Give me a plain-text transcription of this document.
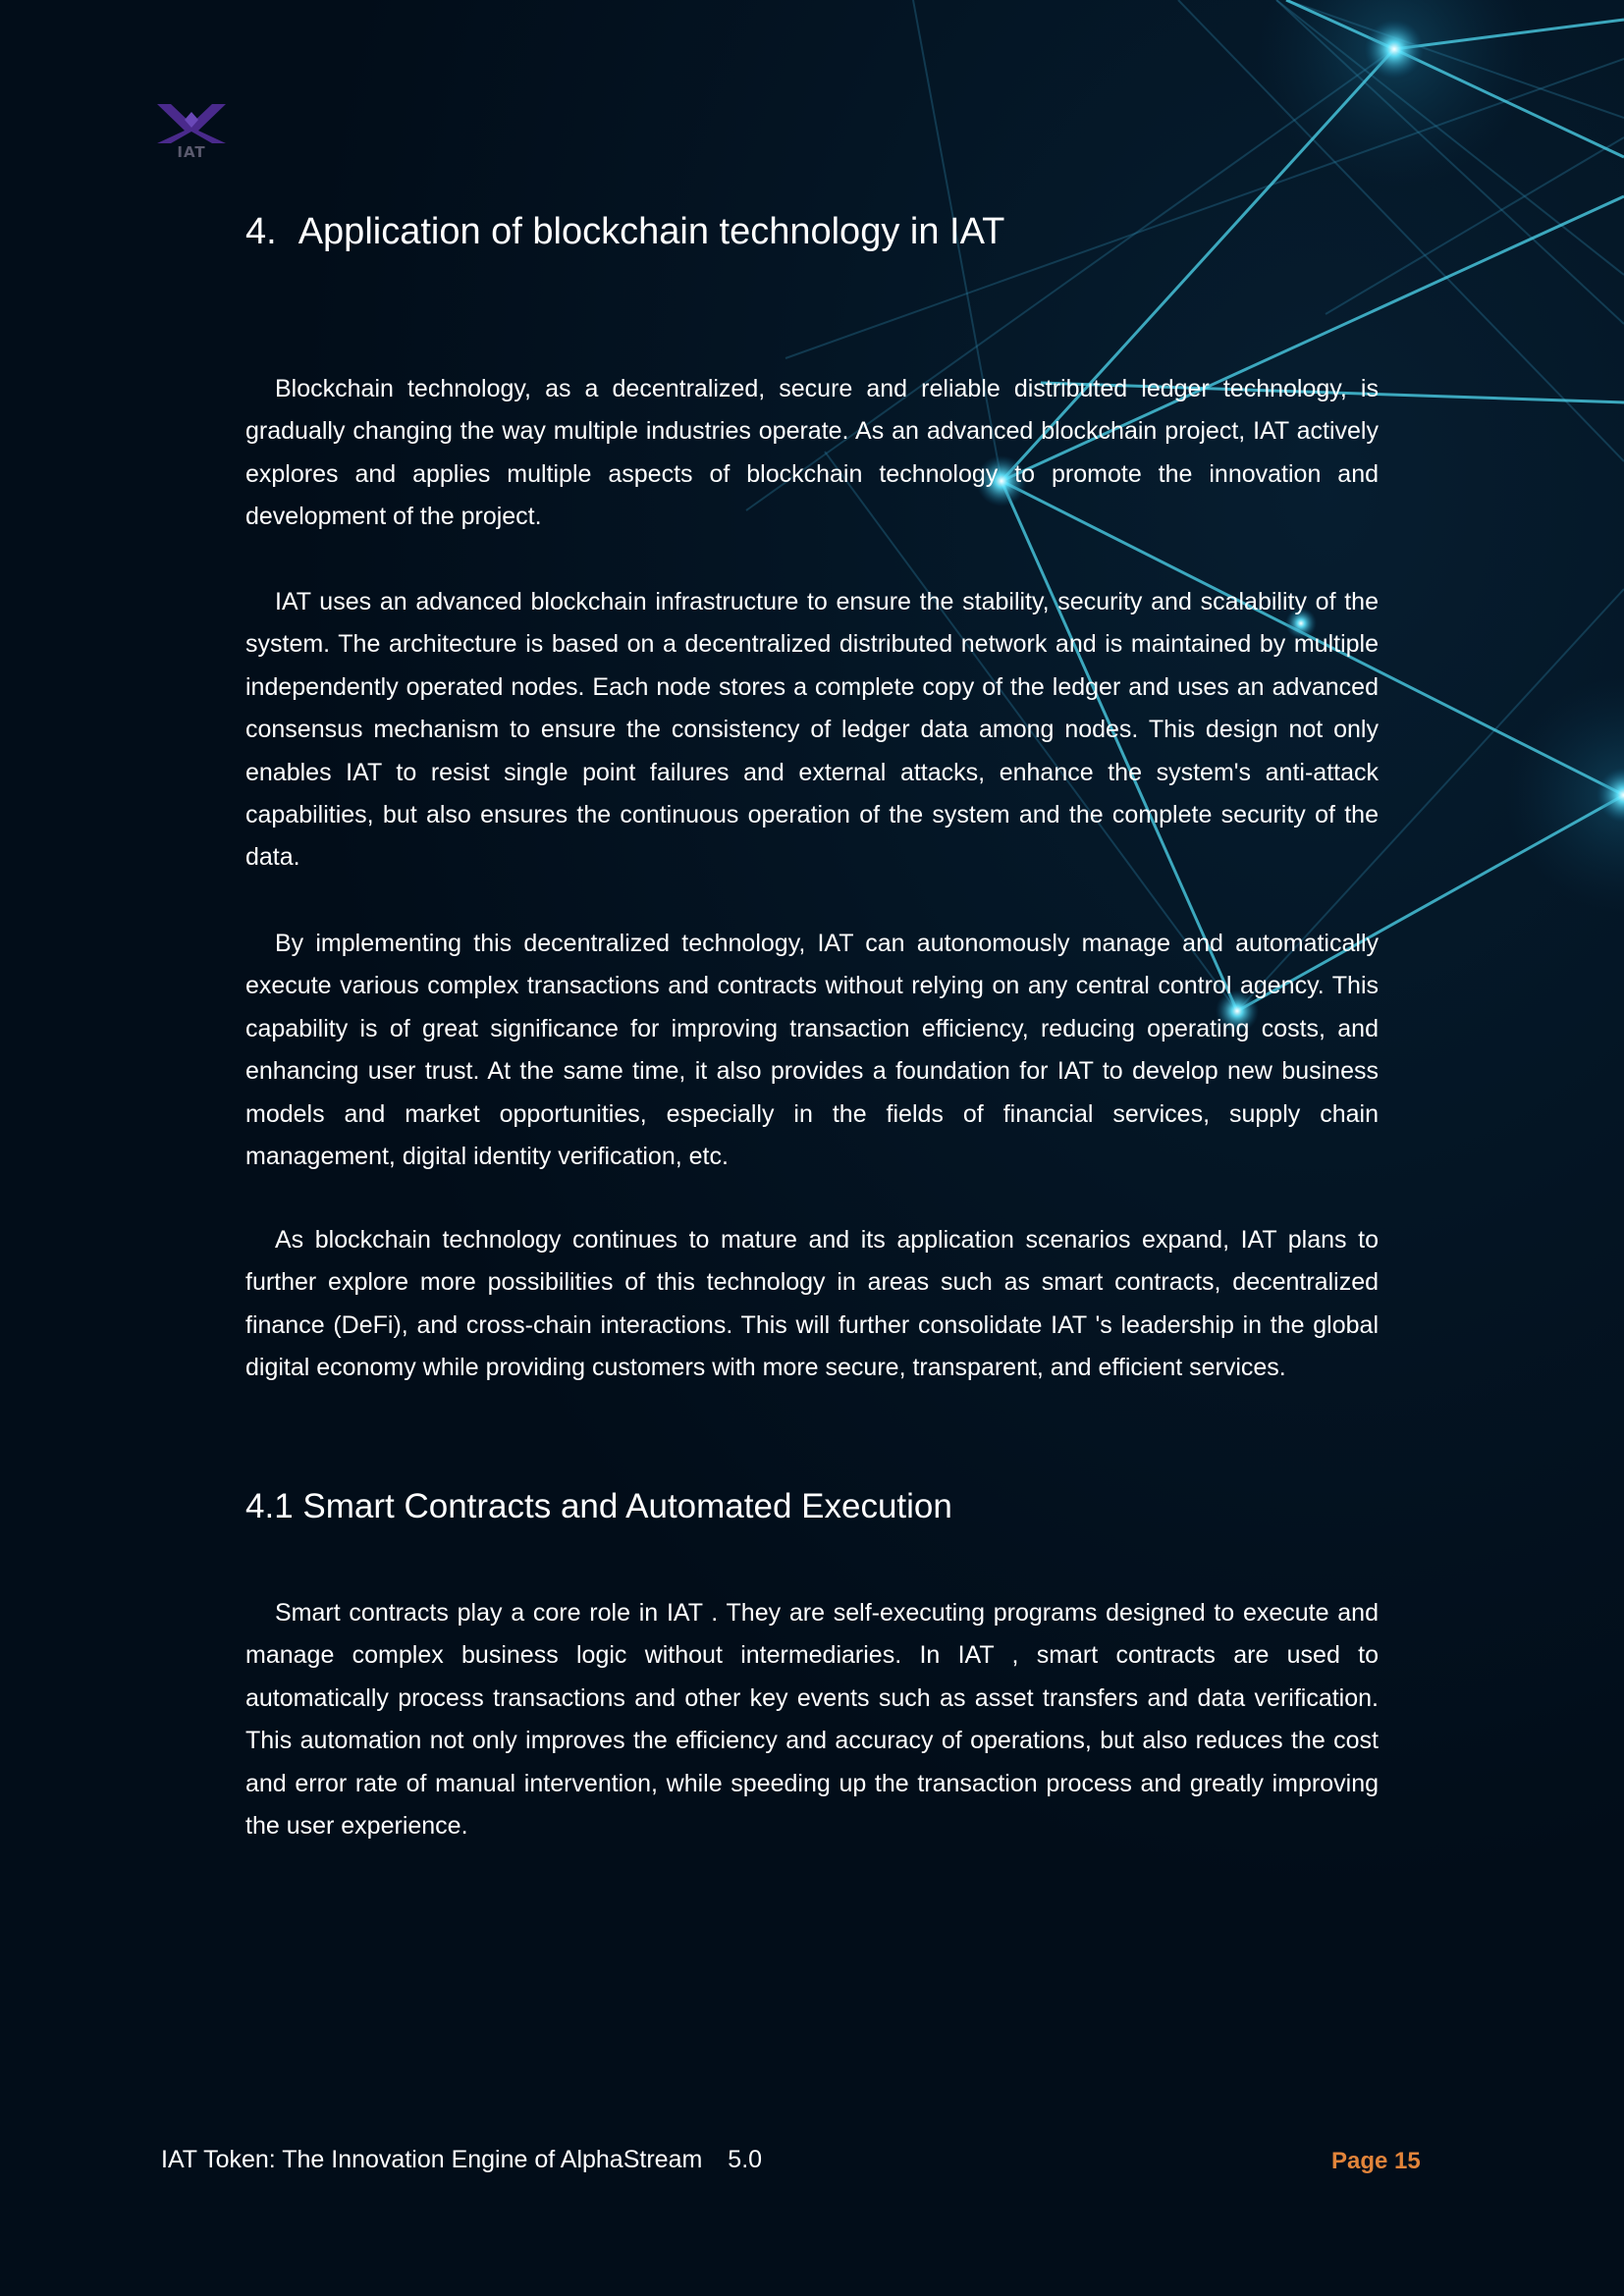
IAT
4. Application of blockchain technology in IAT

Blockchain technology, as a decentralized, secure and reliable distributed ledger technology, is gradually changing the way multiple industries operate. As an advanced blockchain project, IAT actively explores and applies multiple aspects of blockchain technology to promote the innovation and development of the project.

IAT uses an advanced blockchain infrastructure to ensure the stability, security and scalability of the system. The architecture is based on a decentralized distributed network and is maintained by multiple independently operated nodes. Each node stores a complete copy of the ledger and uses an advanced consensus mechanism to ensure the consistency of ledger data among nodes. This design not only enables IAT to resist single point failures and external attacks, enhance the system's anti-attack capabilities, but also ensures the continuous operation of the system and the complete security of the data.

By implementing this decentralized technology, IAT can autonomously manage and automatically execute various complex transactions and contracts without relying on any central control agency. This capability is of great significance for improving transaction efficiency, reducing operating costs, and enhancing user trust. At the same time, it also provides a foundation for IAT to develop new business models and market opportunities, especially in the fields of financial services, supply chain management, digital identity verification, etc.

As blockchain technology continues to mature and its application scenarios expand, IAT plans to further explore more possibilities of this technology in areas such as smart contracts, decentralized finance (DeFi), and cross-chain interactions. This will further consolidate IAT 's leadership in the global digital economy while providing customers with more secure, transparent, and efficient services.

4.1 Smart Contracts and Automated Execution

Smart contracts play a core role in IAT . They are self-executing programs designed to execute and manage complex business logic without intermediaries. In IAT , smart contracts are used to automatically process transactions and other key events such as asset transfers and data verification. This automation not only improves the efficiency and accuracy of operations, but also reduces the cost and error rate of manual intervention, while speeding up the transaction process and greatly improving the user experience.

IAT Token: The Innovation Engine of AlphaStream 5.0	Page 15
